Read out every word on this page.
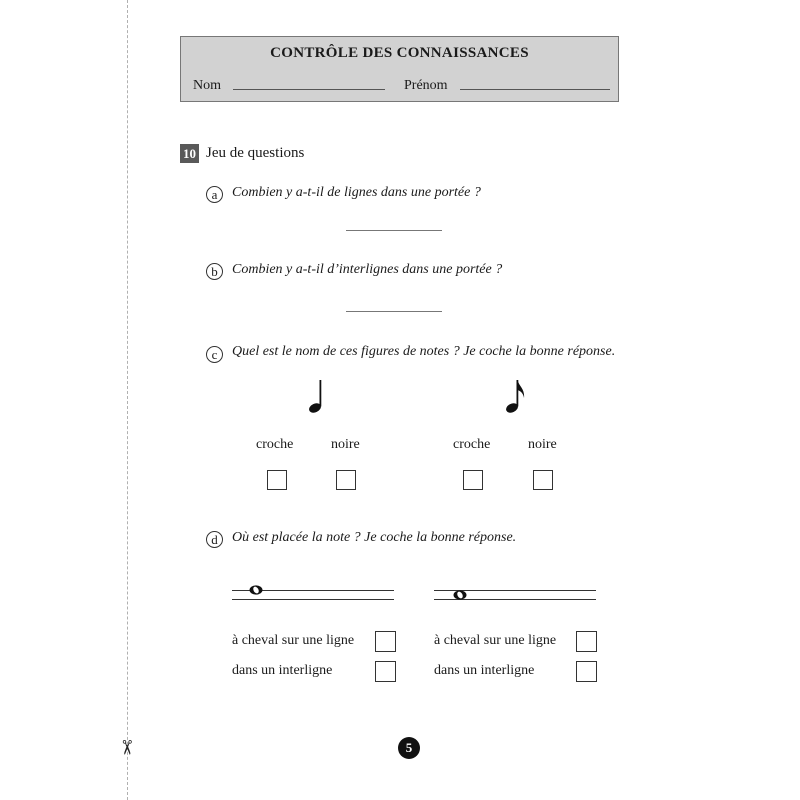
✂
CONTRÔLE DES CONNAISSANCES
Nom	Prénom
10 Jeu de questions
a	Combien y a-t-il de lignes dans une portée ?
b	Combien y a-t-il d’interlignes dans une portée ?
c	Quel est le nom de ces figures de notes ? Je coche la bonne réponse.
croche	noire	croche	noire
d	Où est placée la note ? Je coche la bonne réponse.
à cheval sur une ligne
dans un interligne
à cheval sur une ligne
dans un interligne
5
